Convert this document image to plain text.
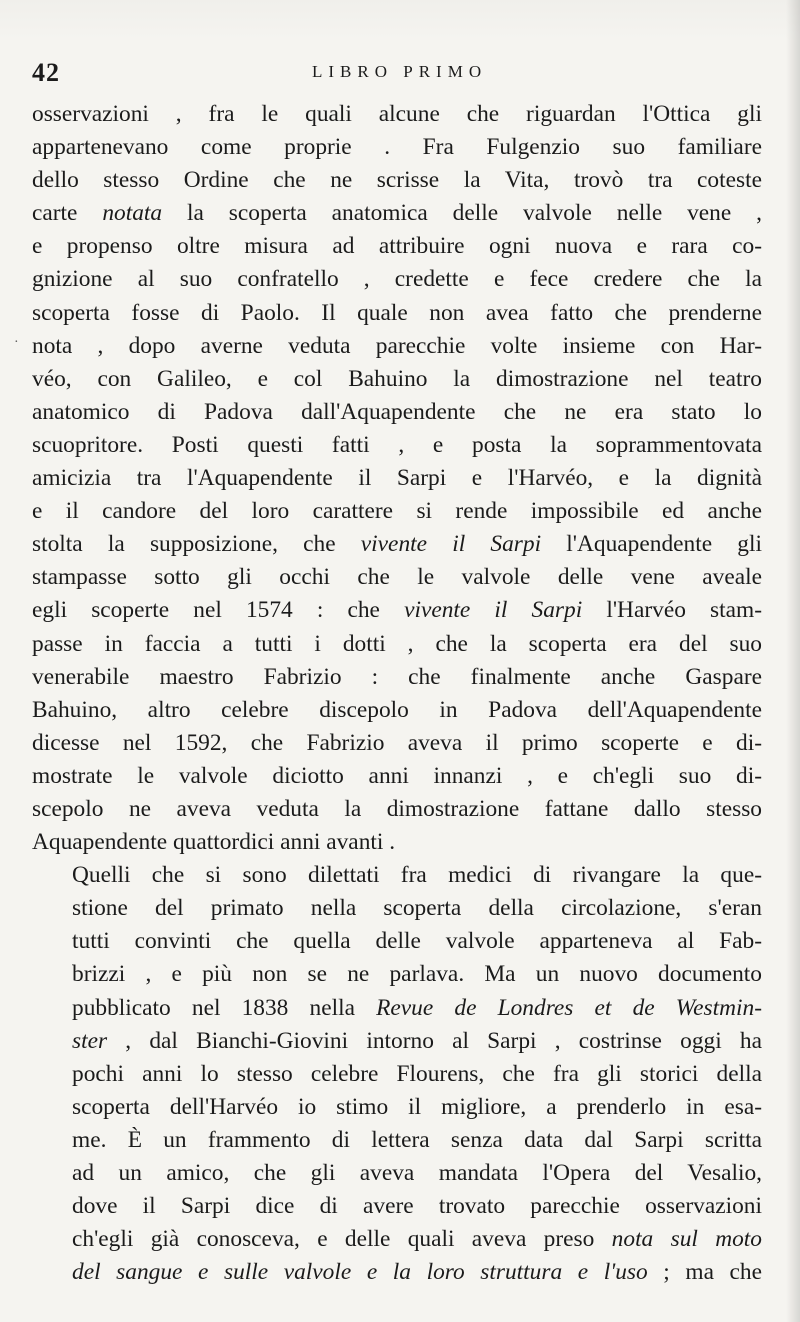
42	LIBRO PRIMO
·

osservazioni , fra le quali alcune che riguardan l'Ottica gli
appartenevano come proprie . Fra Fulgenzio suo familiare
dello stesso Ordine che ne scrisse la Vita, trovò tra coteste
carte notata la scoperta anatomica delle valvole nelle vene ,
e propenso oltre misura ad attribuire ogni nuova e rara co-
gnizione al suo confratello , credette e fece credere che la
scoperta fosse di Paolo. Il quale non avea fatto che prenderne
nota , dopo averne veduta parecchie volte insieme con Har-
véo, con Galileo, e col Bahuino la dimostrazione nel teatro
anatomico di Padova dall'Aquapendente che ne era stato lo
scuopritore. Posti questi fatti , e posta la soprammentovata
amicizia tra l'Aquapendente il Sarpi e l'Harvéo, e la dignità
e il candore del loro carattere si rende impossibile ed anche
stolta la supposizione, che vivente il Sarpi l'Aquapendente gli
stampasse sotto gli occhi che le valvole delle vene aveale
egli scoperte nel 1574 : che vivente il Sarpi l'Harvéo stam-
passe in faccia a tutti i dotti , che la scoperta era del suo
venerabile maestro Fabrizio : che finalmente anche Gaspare
Bahuino, altro celebre discepolo in Padova dell'Aquapendente
dicesse nel 1592, che Fabrizio aveva il primo scoperte e di-
mostrate le valvole diciotto anni innanzi , e ch'egli suo di-
scepolo ne aveva veduta la dimostrazione fattane dallo stesso
Aquapendente quattordici anni avanti .

Quelli che si sono dilettati fra medici di rivangare la que-
stione del primato nella scoperta della circolazione, s'eran
tutti convinti che quella delle valvole apparteneva al Fab-
brizzi , e più non se ne parlava. Ma un nuovo documento
pubblicato nel 1838 nella Revue de Londres et de Westmin-
ster , dal Bianchi-Giovini intorno al Sarpi , costrinse oggi ha
pochi anni lo stesso celebre Flourens, che fra gli storici della
scoperta dell'Harvéo io stimo il migliore, a prenderlo in esa-
me. È un frammento di lettera senza data dal Sarpi scritta
ad un amico, che gli aveva mandata l'Opera del Vesalio,
dove il Sarpi dice di avere trovato parecchie osservazioni
ch'egli già conosceva, e delle quali aveva preso nota sul moto
del sangue e sulle valvole e la loro struttura e l'uso ; ma che
